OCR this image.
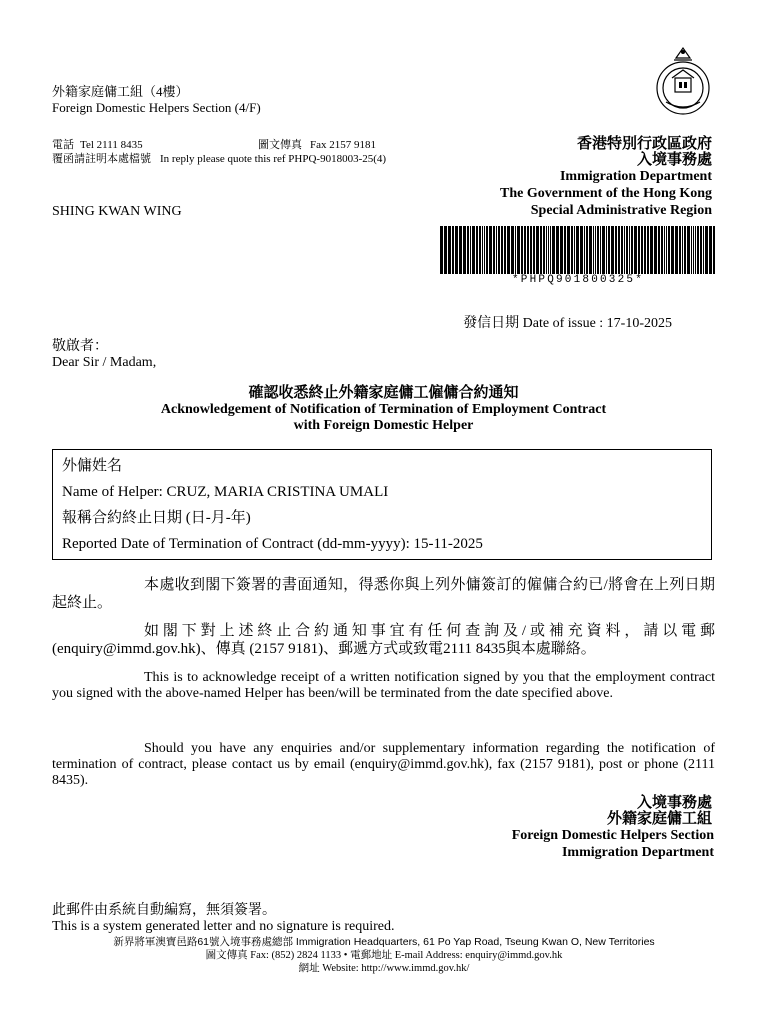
外籍家庭傭工組（4樓）
Foreign Domestic Helpers Section (4/F)
電話 Tel 2111 8435	圖文傳真 Fax 2157 9181
覆函請註明本處檔號 In reply please quote this ref PHPQ-9018003-25(4)
香港特別行政區政府
入境事務處
Immigration Department
The Government of the Hong Kong
Special Administrative Region
SHING KWAN WING
*PHPQ901800325*
發信日期 Date of issue : 17-10-2025
敬啟者：
Dear Sir / Madam,
確認收悉終止外籍家庭傭工僱傭合約通知
Acknowledgement of Notification of Termination of Employment Contract
with Foreign Domestic Helper
外傭姓名
Name of Helper: CRUZ, MARIA CRISTINA UMALI
報稱合約終止日期 (日-月-年)
Reported Date of Termination of Contract (dd-mm-yyyy): 15-11-2025
本處收到閣下簽署的書面通知，得悉你與上列外傭簽訂的僱傭合約已/將會在上列日期起終止。
如閣下對上述終止合約通知事宜有任何查詢及/或補充資料，請以電郵(enquiry@immd.gov.hk)、傳真 (2157 9181)、郵遞方式或致電2111 8435與本處聯絡。
This is to acknowledge receipt of a written notification signed by you that the employment contract you signed with the above-named Helper has been/will be terminated from the date specified above.
Should you have any enquiries and/or supplementary information regarding the notification of termination of contract, please contact us by email (enquiry@immd.gov.hk), fax (2157 9181), post or phone (2111 8435).
入境事務處
外籍家庭傭工組
Foreign Domestic Helpers Section
Immigration Department
此郵件由系統自動編寫，無須簽署。
This is a system generated letter and no signature is required.
新界將軍澳寶邑路61號入境事務處總部 Immigration Headquarters, 61 Po Yap Road, Tseung Kwan O, New Territories
圖文傳真 Fax: (852) 2824 1133 • 電郵地址 E-mail Address: enquiry@immd.gov.hk
網址 Website: http://www.immd.gov.hk/
